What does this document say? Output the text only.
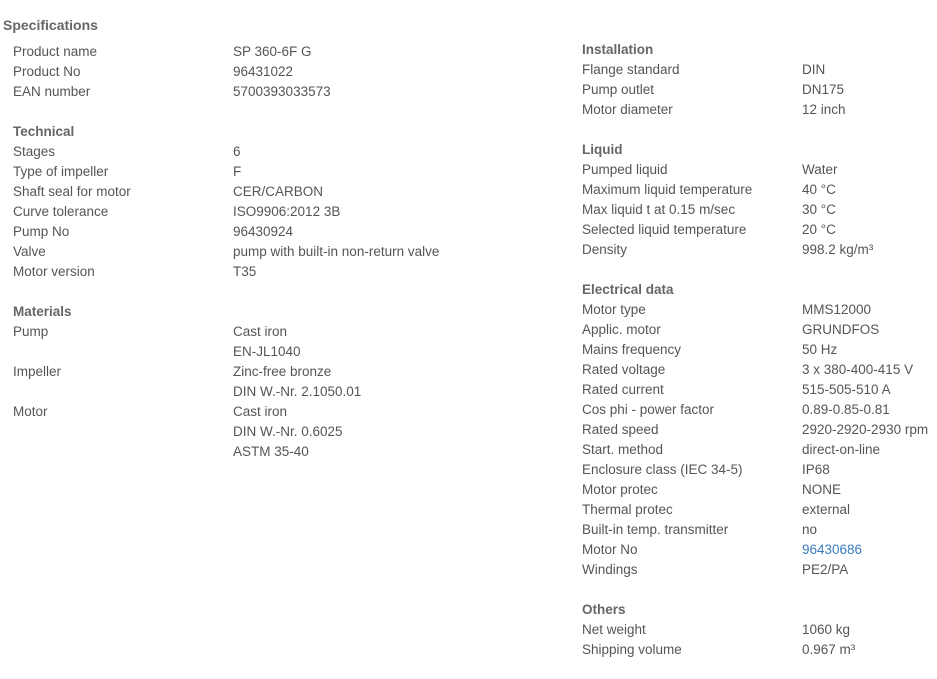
Specifications
Product name	SP 360-6F G
Product No	96431022
EAN number	5700393033573
Technical
Stages	6
Type of impeller	F
Shaft seal for motor	CER/CARBON
Curve tolerance	ISO9906:2012 3B
Pump No	96430924
Valve	pump with built-in non-return valve
Motor version	T35
Materials
Pump	Cast iron
EN-JL1040
Impeller	Zinc-free bronze
DIN W.-Nr. 2.1050.01
Motor	Cast iron
DIN W.-Nr. 0.6025
ASTM 35-40
Installation
Flange standard	DIN
Pump outlet	DN175
Motor diameter	12 inch
Liquid
Pumped liquid	Water
Maximum liquid temperature	40 °C
Max liquid t at 0.15 m/sec	30 °C
Selected liquid temperature	20 °C
Density	998.2 kg/m³
Electrical data
Motor type	MMS12000
Applic. motor	GRUNDFOS
Mains frequency	50 Hz
Rated voltage	3 x 380-400-415 V
Rated current	515-505-510 A
Cos phi - power factor	0.89-0.85-0.81
Rated speed	2920-2920-2930 rpm
Start. method	direct-on-line
Enclosure class (IEC 34-5)	IP68
Motor protec	NONE
Thermal protec	external
Built-in temp. transmitter	no
Motor No	96430686
Windings	PE2/PA
Others
Net weight	1060 kg
Shipping volume	0.967 m³
